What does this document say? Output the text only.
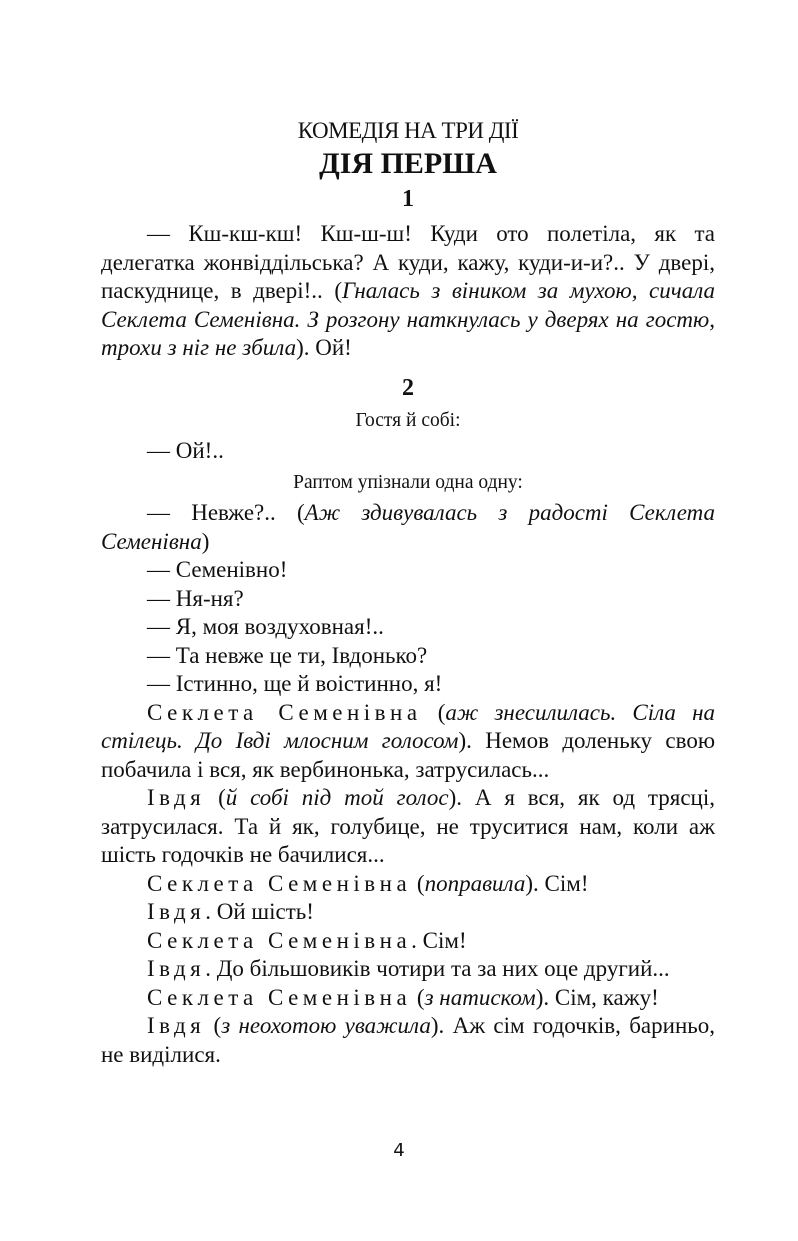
КОМЕДІЯ НА ТРИ ДІЇ
ДІЯ ПЕРША
1

— Кш-кш-кш! Кш-ш-ш! Куди ото полетіла, як та делегатка жонвіддільська? А куди, кажу, куди-и-и?.. У двері, паскуднице, в двері!.. (Гналась з віником за мухою, сичала Секлета Семенівна. З розгону наткнулась у дверях на гостю, трохи з ніг не збила). Ой!

2
Гостя й собі:

— Ой!..

Раптом упізнали одна одну:

— Невже?.. (Аж здивувалась з радості Секлета Семенівна)

— Семенівно!

— Ня-ня?

— Я, моя воздуховная!..

— Та невже це ти, Івдонько?

— Істинно, ще й воістинно, я!

Секлета Семенівна (аж знесилилась. Сіла на стілець. До Івді млосним голосом). Немов доленьку свою побачила і вся, як вербинонька, затрусилась...

Івдя (й собі під той голос). А я вся, як од трясці, затрусилася. Та й як, голубице, не труситися нам, коли аж шість годочків не бачилися...

Секлета Семенівна (поправила). Сім!

Івдя. Ой шість!

Секлета Семенівна. Сім!

Івдя. До більшовиків чотири та за них оце другий...

Секлета Семенівна (з натиском). Сім, кажу!

Івдя (з неохотою уважила). Аж сім годочків, бариньо, не виділися.

4
